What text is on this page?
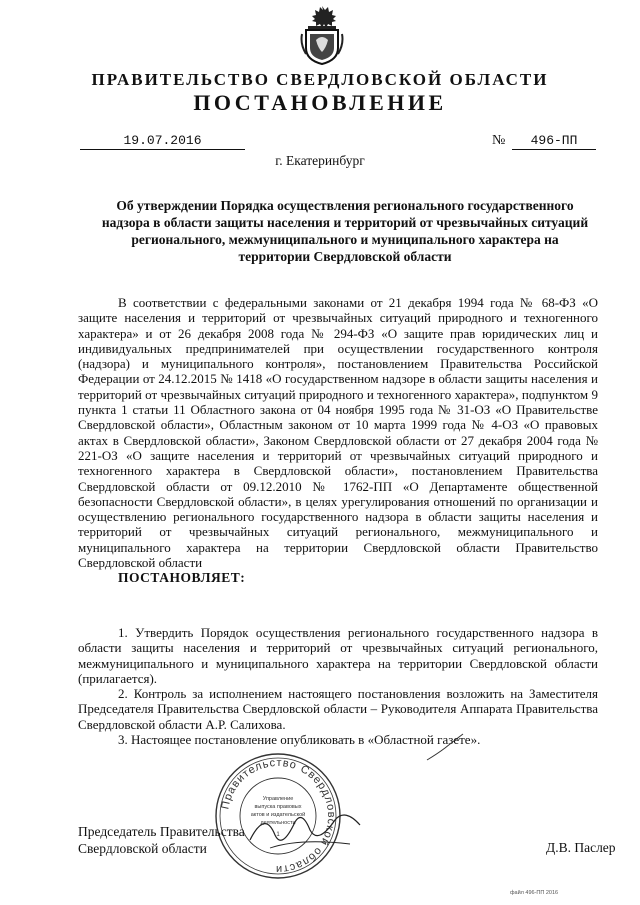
ПРАВИТЕЛЬСТВО СВЕРДЛОВСКОЙ ОБЛАСТИ
ПОСТАНОВЛЕНИЕ
19.07.2016	№	496-ПП
г. Екатеринбург
Об утверждении Порядка осуществления регионального государственного надзора в области защиты населения и территорий от чрезвычайных ситуаций регионального, межмуниципального и муниципального характера на территории Свердловской области

В соответствии с федеральными законами от 21 декабря 1994 года № 68-ФЗ «О защите населения и территорий от чрезвычайных ситуаций природного и техногенного характера» и от 26 декабря 2008 года № 294-ФЗ «О защите прав юридических лиц и индивидуальных предпринимателей при осуществлении государственного контроля (надзора) и муниципального контроля», постановлением Правительства Российской Федерации от 24.12.2015 № 1418 «О государственном надзоре в области защиты населения и территорий от чрезвычайных ситуаций природного и техногенного характера», подпунктом 9 пункта 1 статьи 11 Областного закона от 04 ноября 1995 года № 31-ОЗ «О Правительстве Свердловской области», Областным законом от 10 марта 1999 года № 4-ОЗ «О правовых актах в Свердловской области», Законом Свердловской области от 27 декабря 2004 года № 221-ОЗ «О защите населения и территорий от чрезвычайных ситуаций природного и техногенного характера в Свердловской области», постановлением Правительства Свердловской области от 09.12.2010 № 1762-ПП «О Департаменте общественной безопасности Свердловской области», в целях урегулирования отношений по организации и осуществлению регионального государственного надзора в области защиты населения и территорий от чрезвычайных ситуаций регионального, межмуниципального и муниципального характера на территории Свердловской области Правительство Свердловской области

ПОСТАНОВЛЯЕТ:

1. Утвердить Порядок осуществления регионального государственного надзора в области защиты населения и территорий от чрезвычайных ситуаций регионального, межмуниципального и муниципального характера на территории Свердловской области (прилагается).

2. Контроль за исполнением настоящего постановления возложить на Заместителя Председателя Правительства Свердловской области – Руководителя Аппарата Правительства Свердловской области А.Р. Салихова.

3. Настоящее постановление опубликовать в «Областной газете».

Правительство Свердловской области
Управление
выпуска правовых
актов и издательской
деятельности
1
Председатель Правительства
Свердловской области	Д.В. Паслер
файл 496-ПП 2016
